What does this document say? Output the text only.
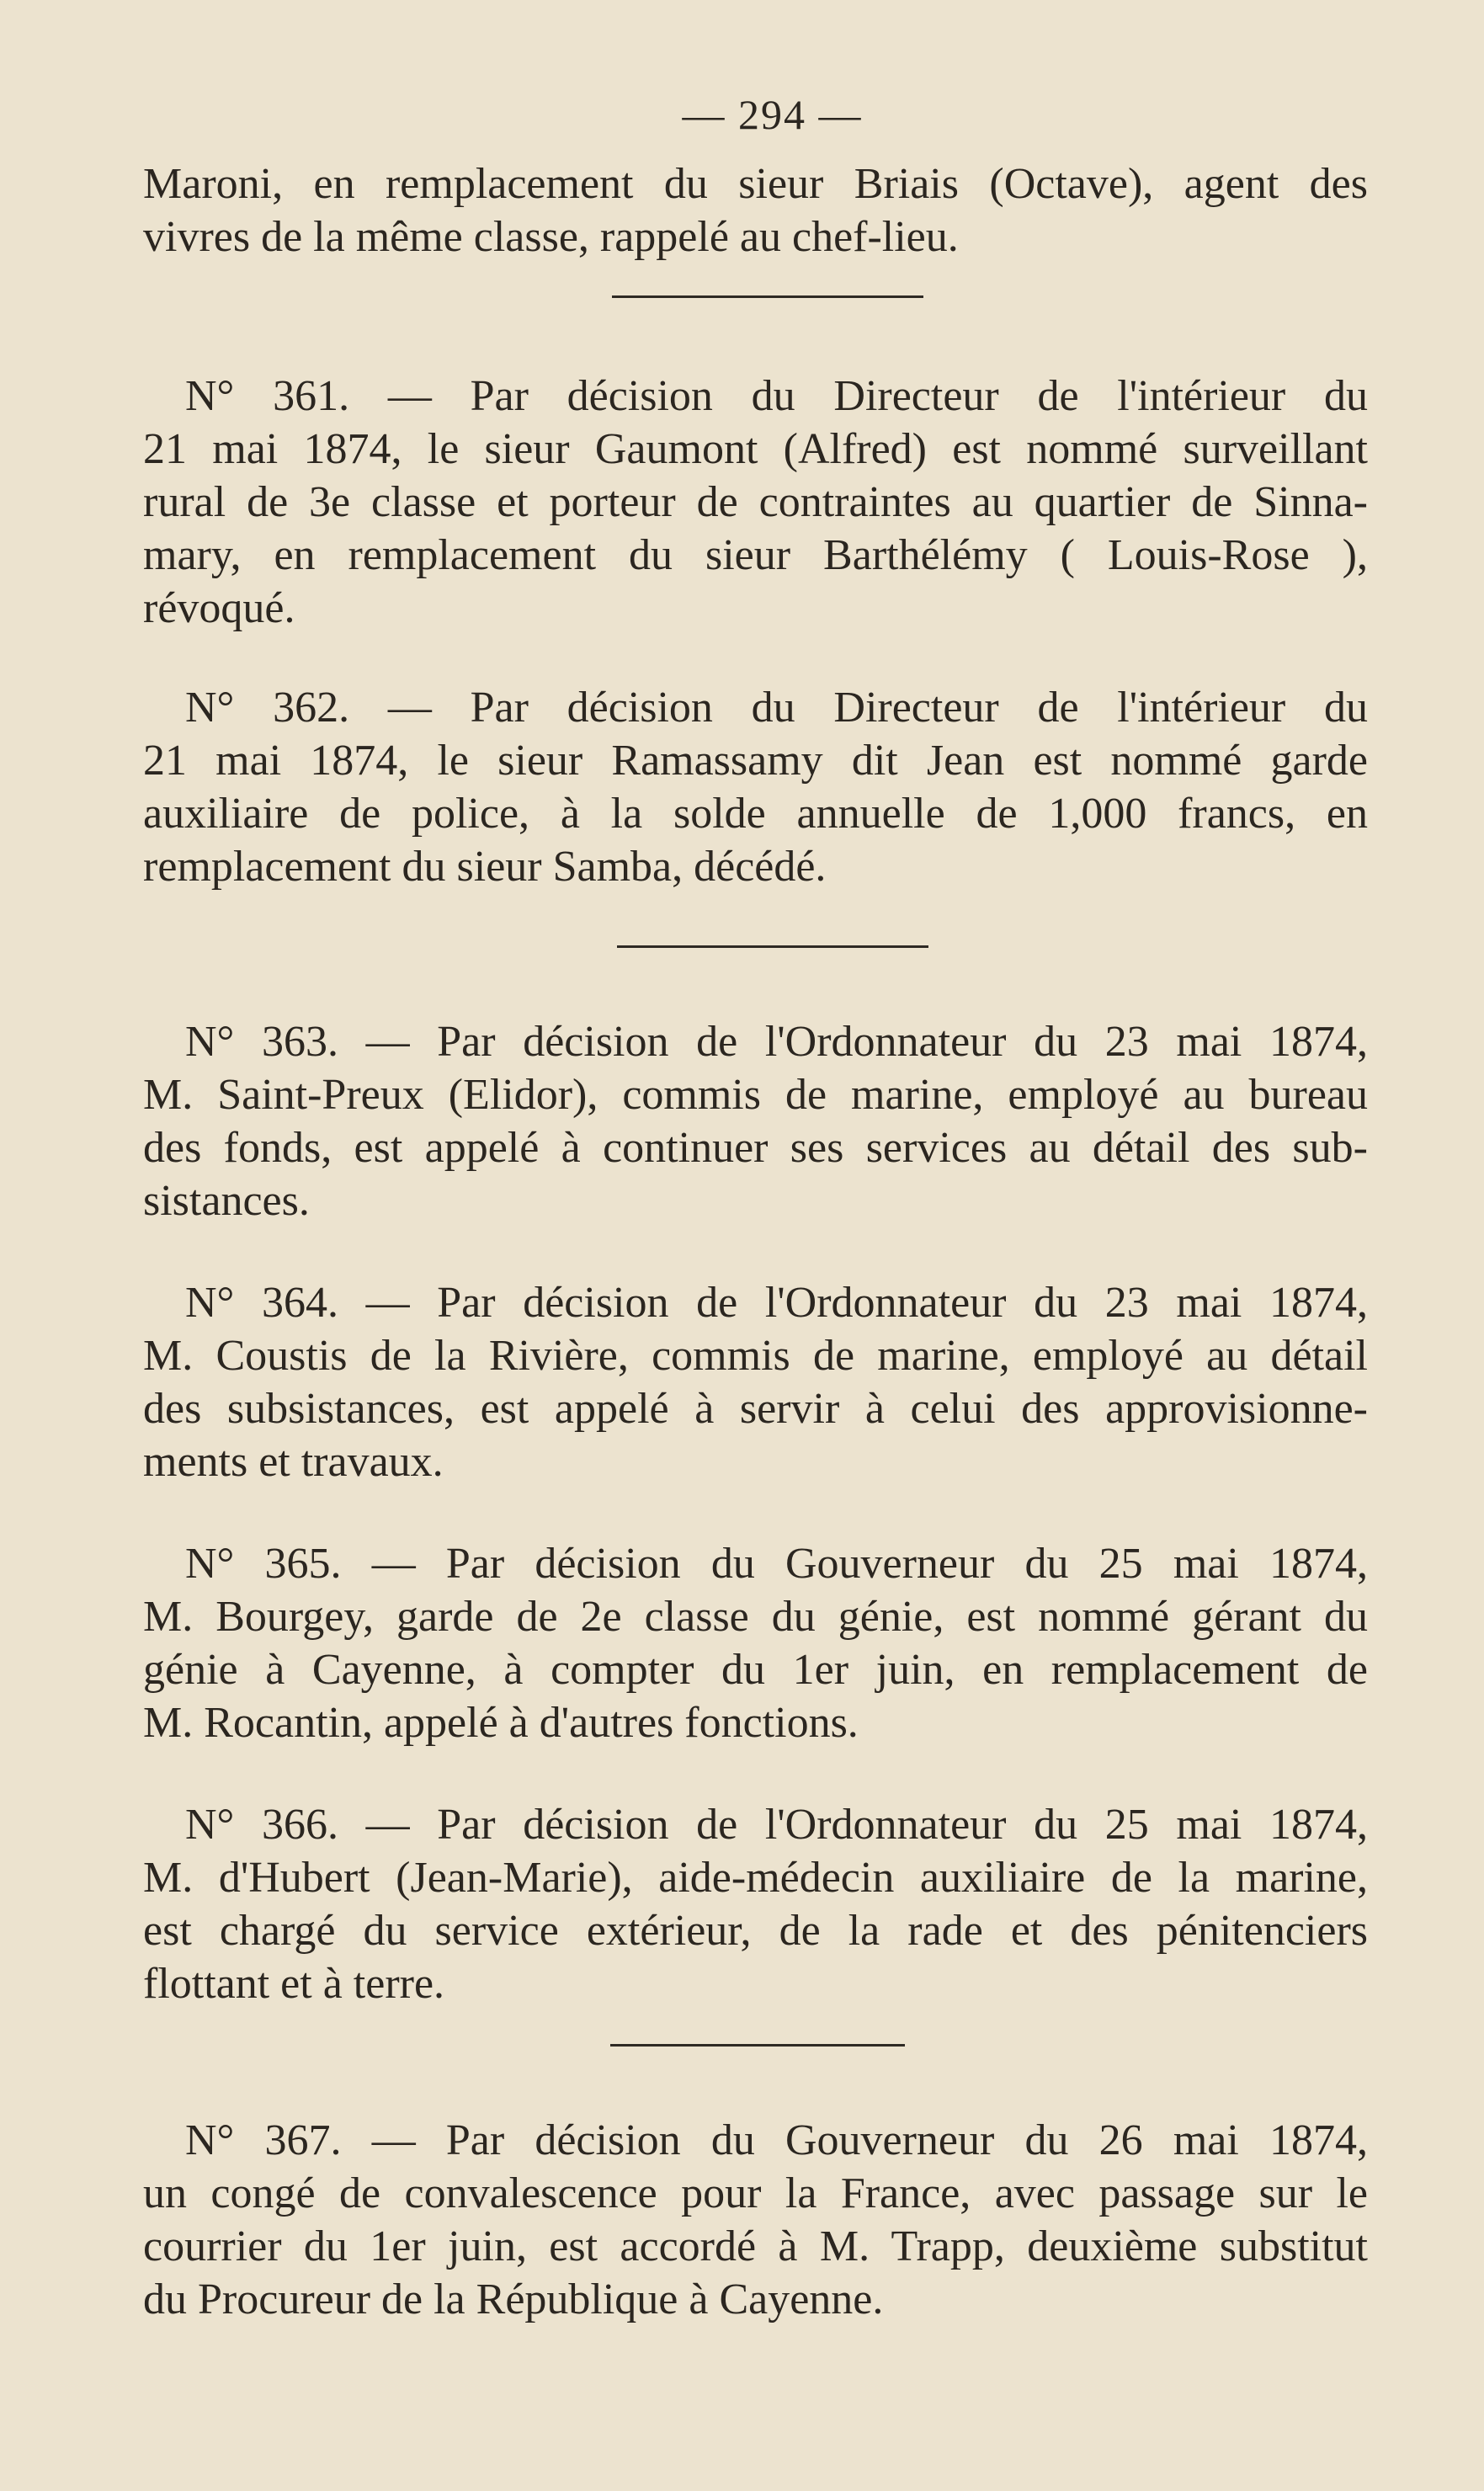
— 294 —

Maroni, en remplacement du sieur Briais (Octave), agent des
vivres de la même classe, rappelé au chef-lieu.

N° 361. — Par décision du Directeur de l'intérieur du
21 mai 1874, le sieur Gaumont (Alfred) est nommé surveillant
rural de 3e classe et porteur de contraintes au quartier de Sinna-
mary, en remplacement du sieur Barthélémy ( Louis-Rose ),
révoqué.

N° 362. — Par décision du Directeur de l'intérieur du
21 mai 1874, le sieur Ramassamy dit Jean est nommé garde
auxiliaire de police, à la solde annuelle de 1,000 francs, en
remplacement du sieur Samba, décédé.

N° 363. — Par décision de l'Ordonnateur du 23 mai 1874,
M. Saint-Preux (Elidor), commis de marine, employé au bureau
des fonds, est appelé à continuer ses services au détail des sub-
sistances.

N° 364. — Par décision de l'Ordonnateur du 23 mai 1874,
M. Coustis de la Rivière, commis de marine, employé au détail
des subsistances, est appelé à servir à celui des approvisionne-
ments et travaux.

N° 365. — Par décision du Gouverneur du 25 mai 1874,
M. Bourgey, garde de 2e classe du génie, est nommé gérant du
génie à Cayenne, à compter du 1er juin, en remplacement de
M. Rocantin, appelé à d'autres fonctions.

N° 366. — Par décision de l'Ordonnateur du 25 mai 1874,
M. d'Hubert (Jean-Marie), aide-médecin auxiliaire de la marine,
est chargé du service extérieur, de la rade et des pénitenciers
flottant et à terre.

N° 367. — Par décision du Gouverneur du 26 mai 1874,
un congé de convalescence pour la France, avec passage sur le
courrier du 1er juin, est accordé à M. Trapp, deuxième substitut
du Procureur de la République à Cayenne.
